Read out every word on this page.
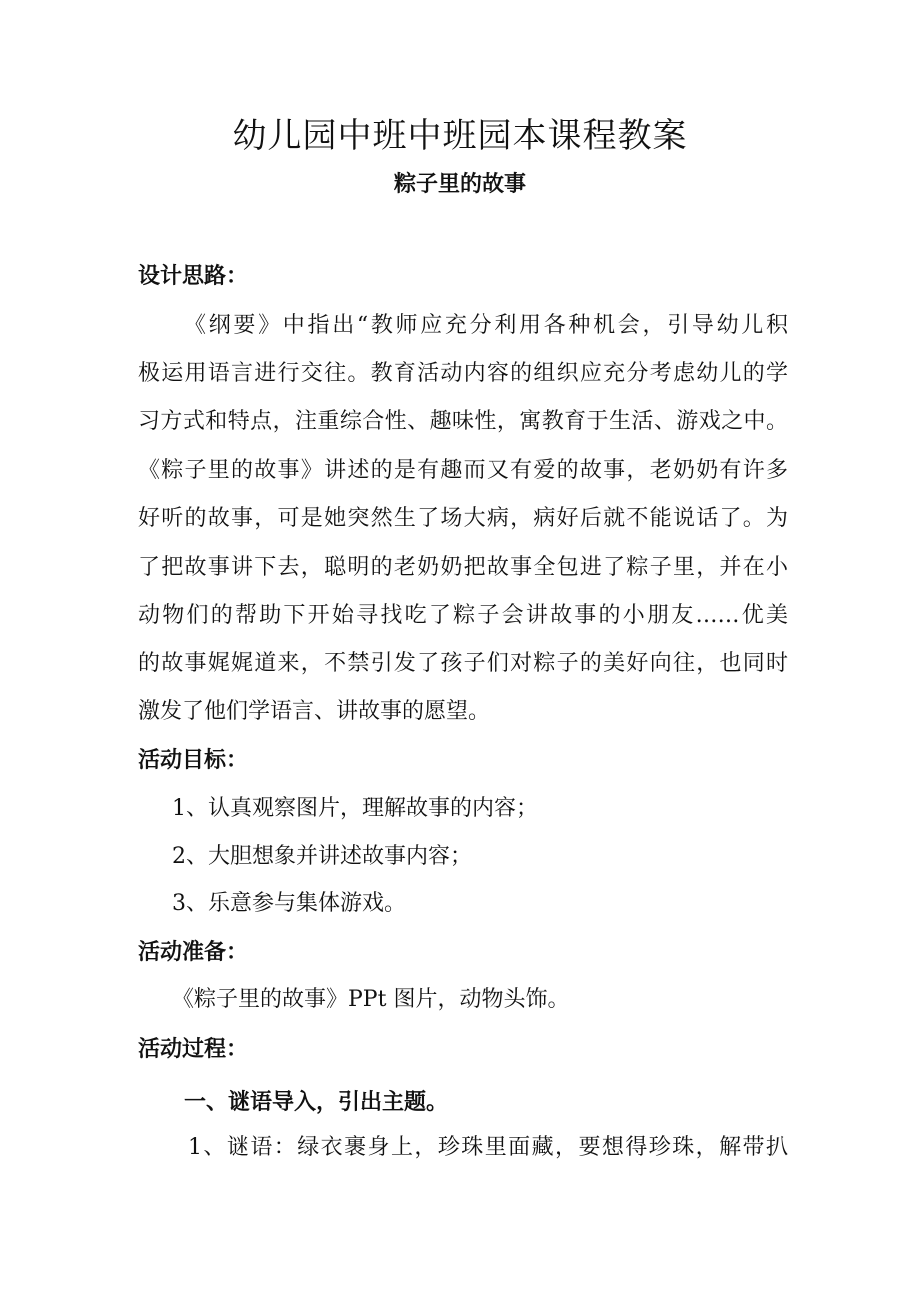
幼儿园中班中班园本课程教案
粽子里的故事
设计思路：
《纲要》中指出“教师应充分利用各种机会，引导幼儿积
极运用语言进行交往。教育活动内容的组织应充分考虑幼儿的学
习方式和特点，注重综合性、趣味性，寓教育于生活、游戏之中。
《粽子里的故事》讲述的是有趣而又有爱的故事，老奶奶有许多
好听的故事，可是她突然生了场大病，病好后就不能说话了。为
了把故事讲下去，聪明的老奶奶把故事全包进了粽子里，并在小
动物们的帮助下开始寻找吃了粽子会讲故事的小朋友……优美
的故事娓娓道来，不禁引发了孩子们对粽子的美好向往，也同时
激发了他们学语言、讲故事的愿望。
活动目标：
1、认真观察图片，理解故事的内容；
2、大胆想象并讲述故事内容；
3、乐意参与集体游戏。
活动准备：
《粽子里的故事》PPt 图片，动物头饰。
活动过程：
一、谜语导入，引出主题。
1、谜语：绿衣裹身上，珍珠里面藏，要想得珍珠，解带扒
